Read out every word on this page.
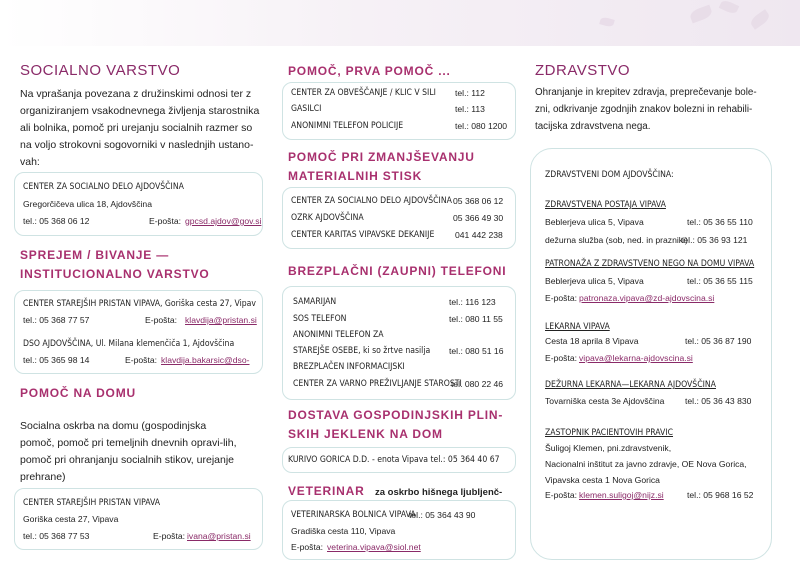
SOCIALNO VARSTVO

Na vprašanja povezana z družinskimi odnosi ter z organiziranjem vsakodnevnega življenja starostnika ali bolnika, pomoč pri urejanju socialnih razmer so na voljo strokovni sogovorniki v naslednjih ustano-vah:

CENTER ZA SOCIALNO DELO AJDOVŠČINA
Gregorčičeva ulica 18, Ajdovščina
tel.: 05 368 06 12	E-pošta: gpcsd.ajdov@gov.si
SPREJEM / BIVANJE —
INSTITUCIONALNO VARSTVO
CENTER STAREJŠIH PRISTAN VIPAVA, Goriška cesta 27, Vipav
tel.: 05 368 77 57	E-pošta: klavdija@pristan.si
DSO AJDOVŠČINA, Ul. Milana klemenčiča 1, Ajdovščina
tel.: 05 365 98 14	E-pošta: klavdija.bakarsic@dso-
POMOČ NA DOMU

Socialna oskrba na domu (gospodinjska pomoč, pomoč pri temeljnih dnevnih opravi-lih, pomoč pri ohranjanju socialnih stikov, urejanje prehrane)

CENTER STAREJŠIH PRISTAN VIPAVA
Goriška cesta 27, Vipava
tel.: 05 368 77 53	E-pošta: ivana@pristan.si
POMOČ, PRVA POMOČ ...
CENTER ZA OBVEŠČANJE / KLIC V SILI tel.: 112
GASILCI	tel.: 113
ANONIMNI TELEFON POLICIJE	tel.: 080 1200
POMOČ PRI ZMANJŠEVANJU
MATERIALNIH STISK
CENTER ZA SOCIALNO DELO AJDOVŠČINA 05 368 06 12
OZRK AJDOVŠČINA	05 366 49 30
CENTER KARITAS VIPAVSKE DEKANIJE 041 442 238
BREZPLAČNI (ZAUPNI) TELEFONI
SAMARIJAN	tel.: 116 123
SOS TELEFON	tel.: 080 11 55
ANONIMNI TELEFON ZA
STAREJŠE OSEBE, ki so žrtve nasilja tel.: 080 51 16
BREZPLAČEN INFORMACIJSKI
CENTER ZA VARNO PREŽIVLJANJE STAROSTI
tel. 080 22 46
DOSTAVA GOSPODINJSKIH PLIN-
SKIH JEKLENK NA DOM
KURIVO GORICA D.D. - enota Vipava tel.: 05 364 40 67
VETERINAR za oskrbo hišnega ljubljenč-
VETERINARSKA BOLNICA VIPAVA
tel.: 05 364 43 90
Gradiška cesta 110, Vipava
E-pošta: veterina.vipava@siol.net
ZDRAVSTVO

Ohranjanje in krepitev zdravja, preprečevanje bole-zni, odkrivanje zgodnjih znakov bolezni in rehabili-tacijska zdravstvena nega.

ZDRAVSTVENI DOM AJDOVŠČINA:
ZDRAVSTVENA POSTAJA VIPAVA
Beblerjeva ulica 5, Vipava	tel.: 05 36 55 110
dežurna služba (sob, ned. in prazniki)
tel.: 05 36 93 121
PATRONAŽA Z ZDRAVSTVENO NEGO NA DOMU VIPAVA
Beblerjeva ulica 5, Vipava	tel.: 05 36 55 115
E-pošta: patronaza.vipava@zd-ajdovscina.si
LEKARNA VIPAVA
Cesta 18 aprila 8 Vipava	tel.: 05 36 87 190
E-pošta: vipava@lekarna-ajdovscina.si
DEŽURNA LEKARNA—LEKARNA AJDOVŠČINA
Tovarniška cesta 3e Ajdovščina tel.: 05 36 43 830
ZASTOPNIK PACIENTOVIH PRAVIC
Šuligoj Klemen, pni.zdravstvenik,
Nacionalni inštitut za javno zdravje, OE Nova Gorica,
Vipavska cesta 1 Nova Gorica
E-pošta: klemen.suligoj@nijz.si	tel.: 05 968 16 52
